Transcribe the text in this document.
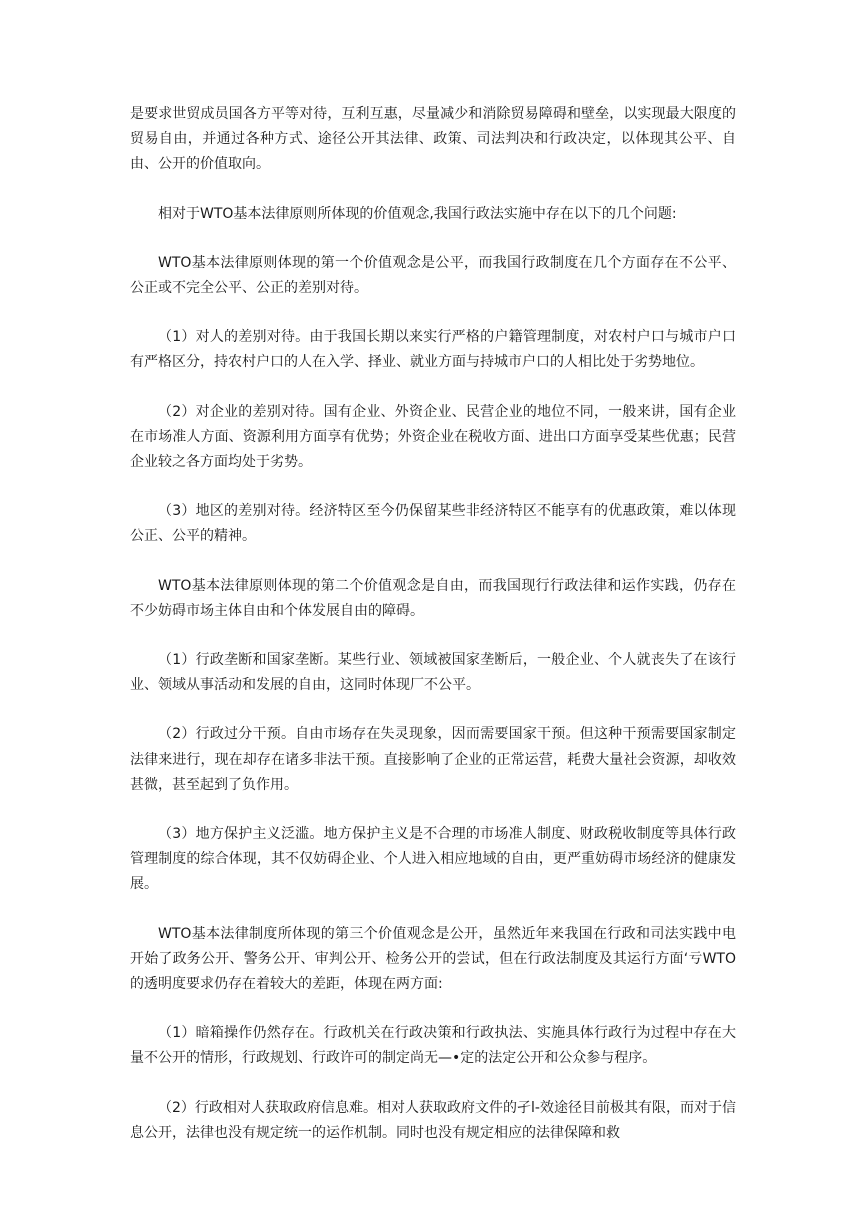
是要求世贸成员国各方平等对待，互利互惠，尽量减少和消除贸易障碍和壁垒，以实现最大限度的贸易自由，并通过各种方式、途径公开其法律、政策、司法判决和行政决定，以体现其公平、自由、公开的价值取向。

相对于WTO基本法律原则所体现的价值观念,我国行政法实施中存在以下的几个问题:

WTO基本法律原则体现的第一个价值观念是公平，而我国行政制度在几个方面存在不公平、公正或不完全公平、公正的差别对待。

（1）对人的差别对待。由于我国长期以来实行严格的户籍管理制度，对农村户口与城市户口有严格区分，持农村户口的人在入学、择业、就业方面与持城市户口的人相比处于劣势地位。

（2）对企业的差别对待。国有企业、外资企业、民营企业的地位不同，一般来讲，国有企业在市场准人方面、资源利用方面享有优势；外资企业在税收方面、进出口方面享受某些优惠；民营企业较之各方面均处于劣势。

（3）地区的差别对待。经济特区至今仍保留某些非经济特区不能享有的优惠政策，难以体现公正、公平的精神。

WTO基本法律原则体现的第二个价值观念是自由，而我国现行行政法律和运作实践，仍存在不少妨碍市场主体自由和个体发展自由的障碍。

（1）行政垄断和国家垄断。某些行业、领域被国家垄断后，一般企业、个人就丧失了在该行业、领域从事活动和发展的自由，这同时体现厂不公平。

（2）行政过分干预。自由市场存在失灵现象，因而需要国家干预。但这种干预需要国家制定法律来进行，现在却存在诸多非法干预。直接影响了企业的正常运营，耗费大量社会资源，却收效甚微，甚至起到了负作用。

（3）地方保护主义泛滥。地方保护主义是不合理的市场准人制度、财政税收制度等具体行政管理制度的综合体现，其不仅妨碍企业、个人进入相应地域的自由，更严重妨碍市场经济的健康发展。

WTO基本法律制度所体现的第三个价值观念是公开，虽然近年来我国在行政和司法实践中电开始了政务公开、警务公开、审判公开、检务公开的尝试，但在行政法制度及其运行方面‘亏WTO的透明度要求仍存在着较大的差距，体现在两方面:

（1）暗箱操作仍然存在。行政机关在行政决策和行政执法、实施具体行政行为过程中存在大量不公开的情形，行政规划、行政许可的制定尚无—•定的法定公开和公众参与程序。

（2）行政相对人获取政府信息难。相对人获取政府文件的孑l-效途径目前极其有限，而对于信息公开，法律也没有规定统一的运作机制。同时也没有规定相应的法律保障和救
